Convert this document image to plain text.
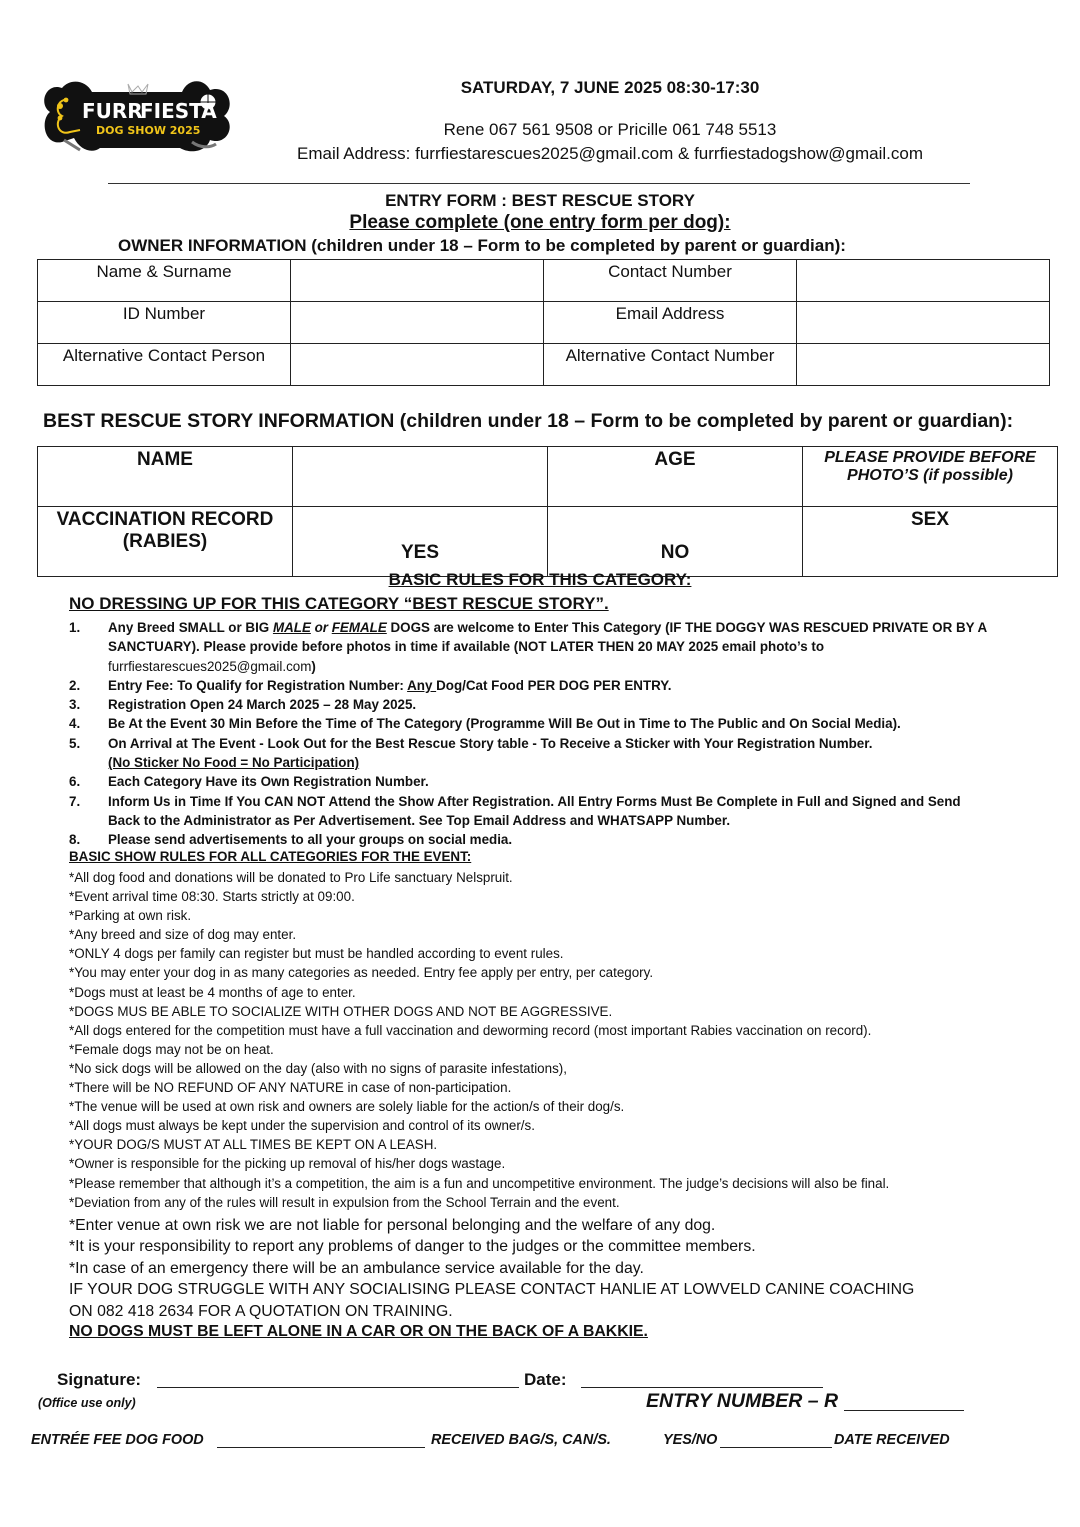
FURR
FIESTA
DOG SHOW 2025
SATURDAY, 7 JUNE 2025 08:30-17:30
Rene 067 561 9508 or Pricille 061 748 5513
Email Address: furrfiestarescues2025@gmail.com & furrfiestadogshow@gmail.com
ENTRY FORM : BEST RESCUE STORY
Please complete (one entry form per dog):
OWNER INFORMATION (children under 18 – Form to be completed by parent or guardian):
Name & Surname		Contact Number	
ID Number		Email Address	
Alternative Contact Person		Alternative Contact Number	
BEST RESCUE STORY INFORMATION (children under 18 – Form to be completed by parent or guardian):
NAME		AGE	PLEASE PROVIDE BEFORE PHOTO’S (if possible)
VACCINATION RECORD (RABIES)	YES	NO	SEX
BASIC RULES FOR THIS CATEGORY:
NO DRESSING UP FOR THIS CATEGORY “BEST RESCUE STORY”.
1.	Any Breed SMALL or BIG MALE or FEMALE DOGS are welcome to Enter This Category (IF THE DOGGY WAS RESCUED PRIVATE OR BY A SANCTUARY). Please provide before photos in time if available (NOT LATER THEN 20 MAY 2025 email photo’s to furrfiestarescues2025@gmail.com)
2.	Entry Fee: To Qualify for Registration Number: Any Dog/Cat Food PER DOG PER ENTRY.
3.	Registration Open 24 March 2025 – 28 May 2025.
4.	Be At the Event 30 Min Before the Time of The Category (Programme Will Be Out in Time to The Public and On Social Media).
5.	On Arrival at The Event - Look Out for the Best Rescue Story table - To Receive a Sticker with Your Registration Number.
(No Sticker No Food = No Participation)
6.	Each Category Have its Own Registration Number.
7.	Inform Us in Time If You CAN NOT Attend the Show After Registration. All Entry Forms Must Be Complete in Full and Signed and Send Back to the Administrator as Per Advertisement. See Top Email Address and WHATSAPP Number.
8.	Please send advertisements to all your groups on social media.
BASIC SHOW RULES FOR ALL CATEGORIES FOR THE EVENT:
*All dog food and donations will be donated to Pro Life sanctuary Nelspruit.
*Event arrival time 08:30. Starts strictly at 09:00.
*Parking at own risk.
*Any breed and size of dog may enter.
*ONLY 4 dogs per family can register but must be handled according to event rules.
*You may enter your dog in as many categories as needed. Entry fee apply per entry, per category.
*Dogs must at least be 4 months of age to enter.
*DOGS MUS BE ABLE TO SOCIALIZE WITH OTHER DOGS AND NOT BE AGGRESSIVE.
*All dogs entered for the competition must have a full vaccination and deworming record (most important Rabies vaccination on record).
*Female dogs may not be on heat.
*No sick dogs will be allowed on the day (also with no signs of parasite infestations),
*There will be NO REFUND OF ANY NATURE in case of non-participation.
*The venue will be used at own risk and owners are solely liable for the action/s of their dog/s.
*All dogs must always be kept under the supervision and control of its owner/s.
*YOUR DOG/S MUST AT ALL TIMES BE KEPT ON A LEASH.
*Owner is responsible for the picking up removal of his/her dogs wastage.
*Please remember that although it’s a competition, the aim is a fun and uncompetitive environment. The judge’s decisions will also be final.
*Deviation from any of the rules will result in expulsion from the School Terrain and the event.
*Enter venue at own risk we are not liable for personal belonging and the welfare of any dog.
*It is your responsibility to report any problems of danger to the judges or the committee members.
*In case of an emergency there will be an ambulance service available for the day.
IF YOUR DOG STRUGGLE WITH ANY SOCIALISING PLEASE CONTACT HANLIE AT LOWVELD CANINE COACHING
ON 082 418 2634 FOR A QUOTATION ON TRAINING.
NO DOGS MUST BE LEFT ALONE IN A CAR OR ON THE BACK OF A BAKKIE.
Signature:	Date:
(Office use only)	ENTRY NUMBER – R
ENTRÉE FEE DOG FOOD	RECEIVED BAG/S, CAN/S.	YES/NO	DATE RECEIVED
